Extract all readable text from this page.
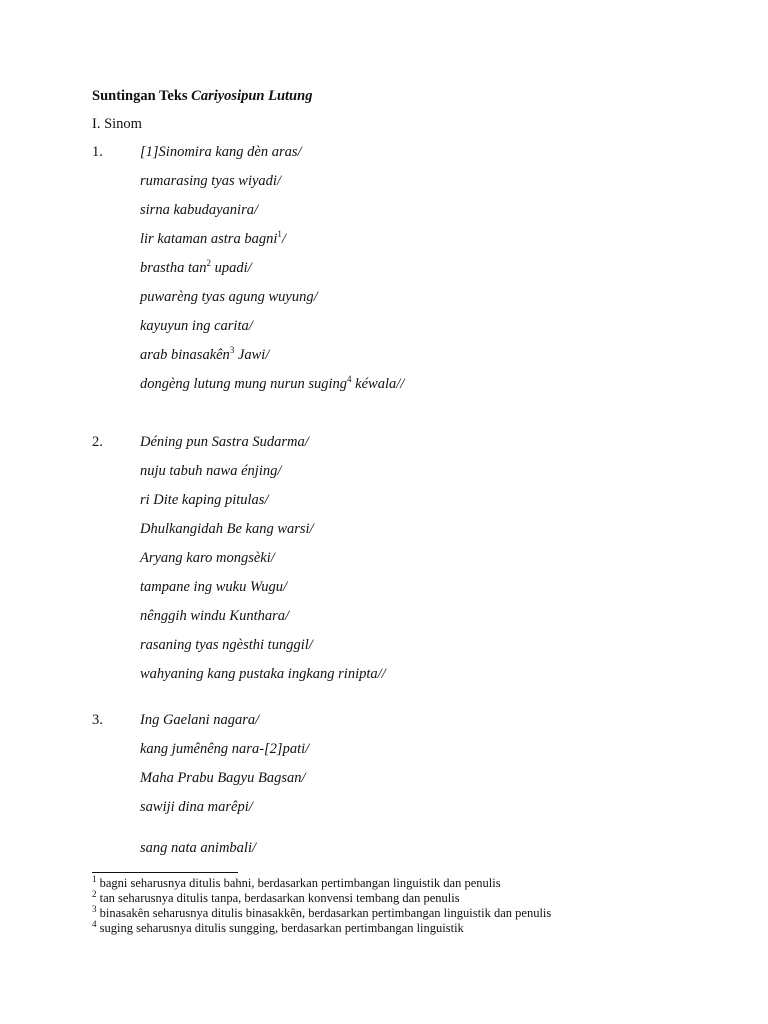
Suntingan Teks Cariyosipun Lutung
I. Sinom
1.	[1]Sinomira kang dèn aras/
rumarasing tyas wiyadi/
sirna kabudayanira/
lir kataman astra bagni$^1$/
brastha $\tan^2$ upadi/
puwarèng tyas agung wuyung/
kayuyun ing carita/
arab binasakên$^3$ Jawi/
dongèng lutung mung nurun suging$^4$ kéwala//
2.	Déning pun Sastra Sudarma/
nuju tabuh nawa énjing/
ri Dite kaping pitulas/
Dhulkangidah Be kang warsi/
Aryang karo mongsèki/
tampane ing wuku Wugu/
nênggih windu Kunthara/
rasaning tyas ngèsthi tunggil/
wahyaning kang pustaka ingkang rinipta//
3.	Ing Gaelani nagara/
kang jumênêng nara-[2]pati/
Maha Prabu Bagyu Bagsan/
sawiji dina marêpi/
sang nata animbali/
$^1$ bagni seharusnya ditulis bahni, berdasarkan pertimbangan linguistik dan penulis
$^2$ tan seharusnya ditulis tanpa, berdasarkan konvensi tembang dan penulis
$^3$ binasakên seharusnya ditulis binasakkên, berdasarkan pertimbangan linguistik dan penulis
$^4$ suging seharusnya ditulis sungging, berdasarkan pertimbangan linguistik
